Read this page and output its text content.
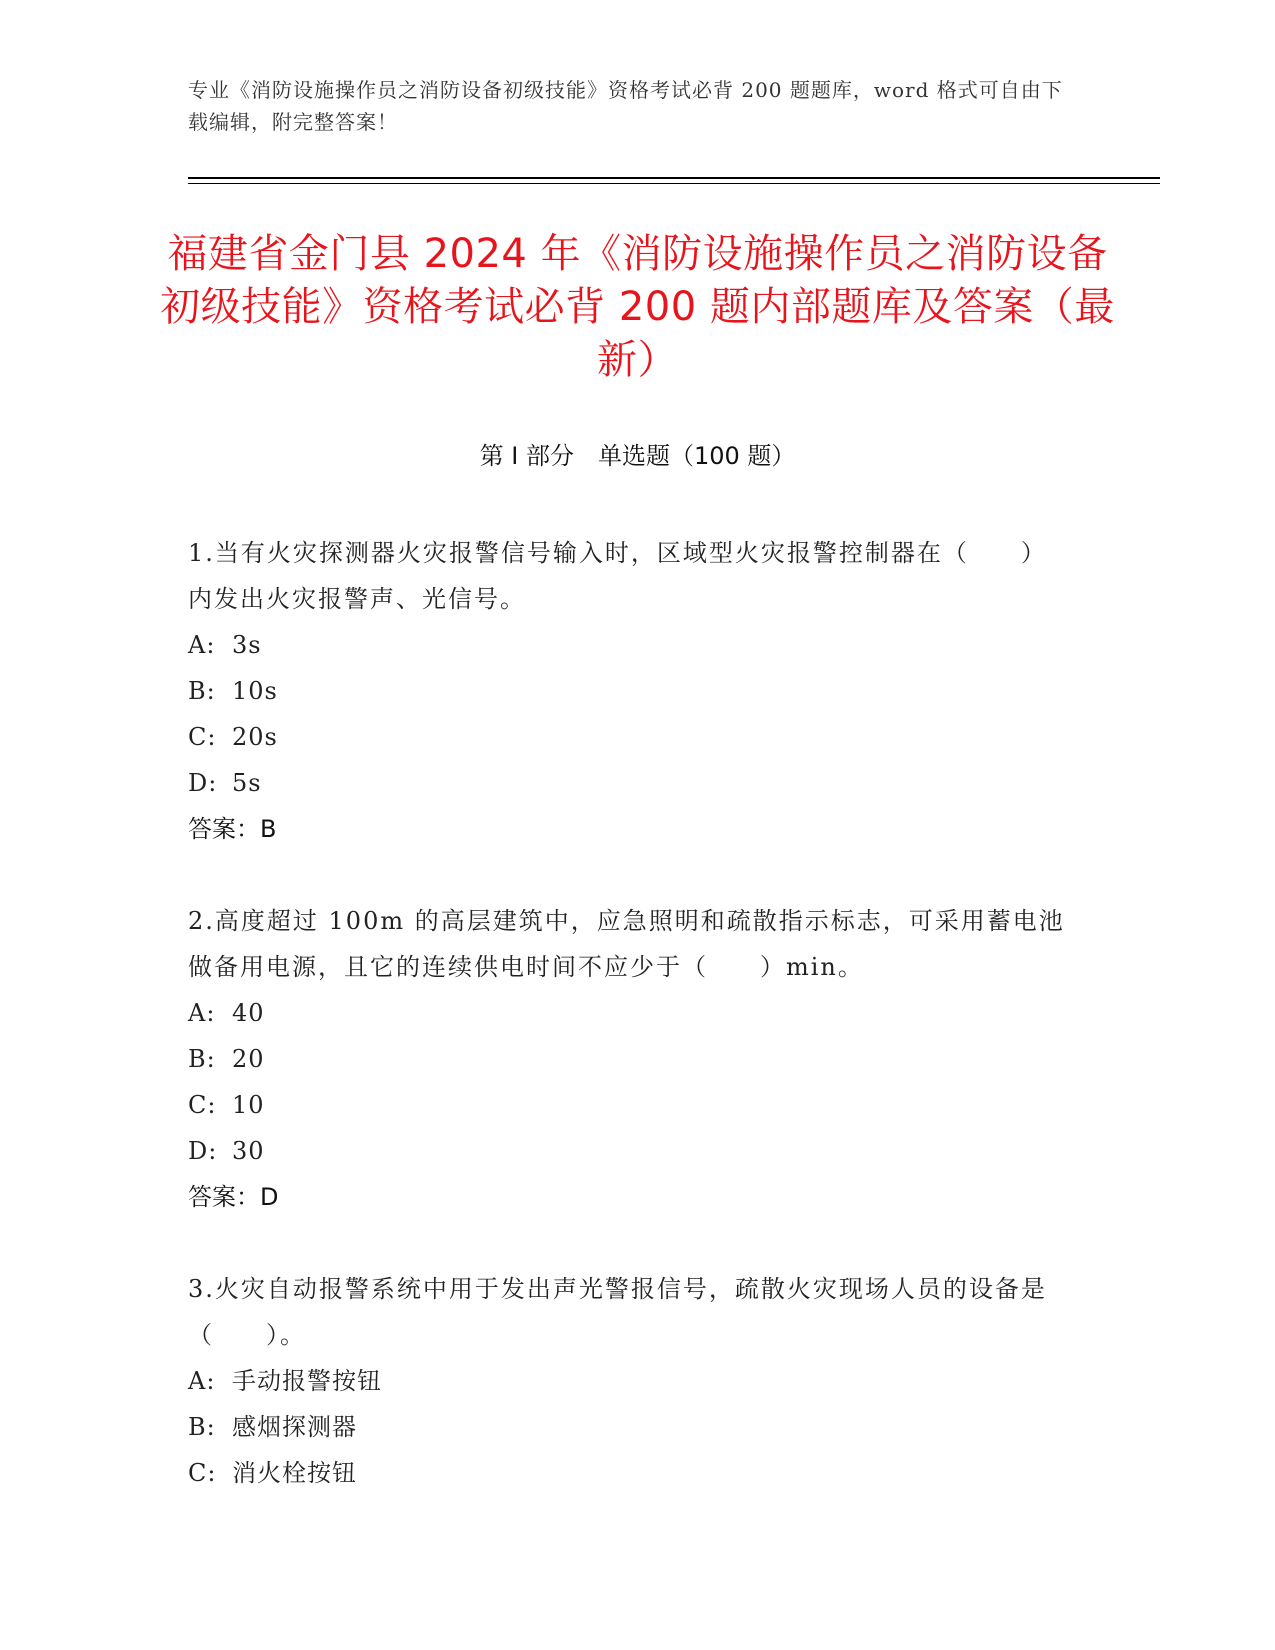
专业《消防设施操作员之消防设备初级技能》资格考试必背 200 题题库，word 格式可自由下载编辑，附完整答案！
福建省金门县 2024 年《消防设施操作员之消防设备初级技能》资格考试必背 200 题内部题库及答案（最新）
第 I 部分　单选题（100 题）
1.当有火灾探测器火灾报警信号输入时，区域型火灾报警控制器在（　　）内发出火灾报警声、光信号。
A: 3s
B: 10s
C: 20s
D: 5s
答案：B
2.高度超过 100m 的高层建筑中，应急照明和疏散指示标志，可采用蓄电池做备用电源，且它的连续供电时间不应少于（　　）min。
A: 40
B: 20
C: 10
D: 30
答案：D
3.火灾自动报警系统中用于发出声光警报信号，疏散火灾现场人员的设备是（　　）。
A: 手动报警按钮
B: 感烟探测器
C: 消火栓按钮
